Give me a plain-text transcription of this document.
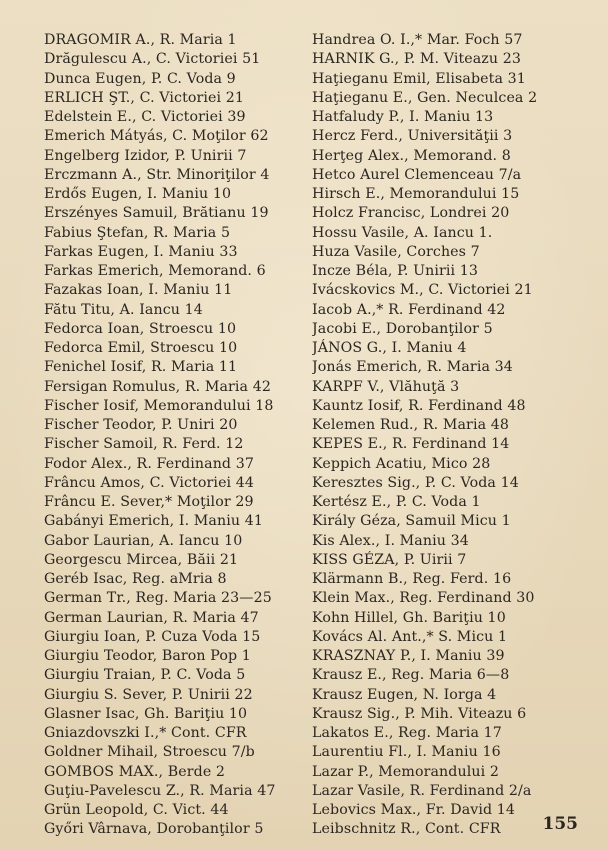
DRAGOMIR A., R. Maria 1
Drăgulescu A., C. Victoriei 51
Dunca Eugen, P. C. Voda 9
ERLICH ŞT., C. Victoriei 21
Edelstein E., C. Victoriei 39
Emerich Mátyás, C. Moţilor 62
Engelberg Izidor, P. Unirii 7
Erczmann A., Str. Minoriţilor 4
Erdős Eugen, I. Maniu 10
Erszényes Samuil, Brătianu 19
Fabius Ştefan, R. Maria 5
Farkas Eugen, I. Maniu 33
Farkas Emerich, Memorand. 6
Fazakas Ioan, I. Maniu 11
Fătu Titu, A. Iancu 14
Fedorca Ioan, Stroescu 10
Fedorca Emil, Stroescu 10
Fenichel Iosif, R. Maria 11
Fersigan Romulus, R. Maria 42
Fischer Iosif, Memorandului 18
Fischer Teodor, P. Uniri 20
Fischer Samoil, R. Ferd. 12
Fodor Alex., R. Ferdinand 37
Frâncu Amos, C. Victoriei 44
Frâncu E. Sever,* Moţilor 29
Gabányi Emerich, I. Maniu 41
Gabor Laurian, A. Iancu 10
Georgescu Mircea, Băii 21
Geréb Isac, Reg. aMria 8
German Tr., Reg. Maria 23—25
German Laurian, R. Maria 47
Giurgiu Ioan, P. Cuza Voda 15
Giurgiu Teodor, Baron Pop 1
Giurgiu Traian, P. C. Voda 5
Giurgiu S. Sever, P. Unirii 22
Glasner Isac, Gh. Bariţiu 10
Gniazdovszki I.,* Cont. CFR
Goldner Mihail, Stroescu 7/b
GOMBOS MAX., Berde 2
Guţiu-Pavelescu Z., R. Maria 47
Grün Leopold, C. Vict. 44
Győri Vârnava, Dorobanţilor 5
Handrea O. I.,* Mar. Foch 57
HARNIK G., P. M. Viteazu 23
Haţieganu Emil, Elisabeta 31
Haţieganu E., Gen. Neculcea 2
Hatfaludy P., I. Maniu 13
Hercz Ferd., Universităţii 3
Herţeg Alex., Memorand. 8
Hetco Aurel Clemenceau 7/a
Hirsch E., Memorandului 15
Holcz Francisc, Londrei 20
Hossu Vasile, A. Iancu 1.
Huza Vasile, Corches 7
Incze Béla, P. Unirii 13
Ivácskovics M., C. Victoriei 21
Iacob A.,* R. Ferdinand 42
Jacobi E., Dorobanţilor 5
JÁNOS G., I. Maniu 4
Jonás Emerich, R. Maria 34
KARPF V., Vlăhuţă 3
Kauntz Iosif, R. Ferdinand 48
Kelemen Rud., R. Maria 48
KEPES E., R. Ferdinand 14
Keppich Acatiu, Mico 28
Keresztes Sig., P. C. Voda 14
Kertész E., P. C. Voda 1
Király Géza, Samuil Micu 1
Kis Alex., I. Maniu 34
KISS GÉZA, P. Uirii 7
Klärmann B., Reg. Ferd. 16
Klein Max., Reg. Ferdinand 30
Kohn Hillel, Gh. Bariţiu 10
Kovács Al. Ant.,* S. Micu 1
KRASZNAY P., I. Maniu 39
Krausz E., Reg. Maria 6—8
Krausz Eugen, N. Iorga 4
Krausz Sig., P. Mih. Viteazu 6
Lakatos E., Reg. Maria 17
Laurentiu Fl., I. Maniu 16
Lazar P., Memorandului 2
Lazar Vasile, R. Ferdinand 2/a
Lebovics Max., Fr. David 14
Leibschnitz R., Cont. CFR	155
